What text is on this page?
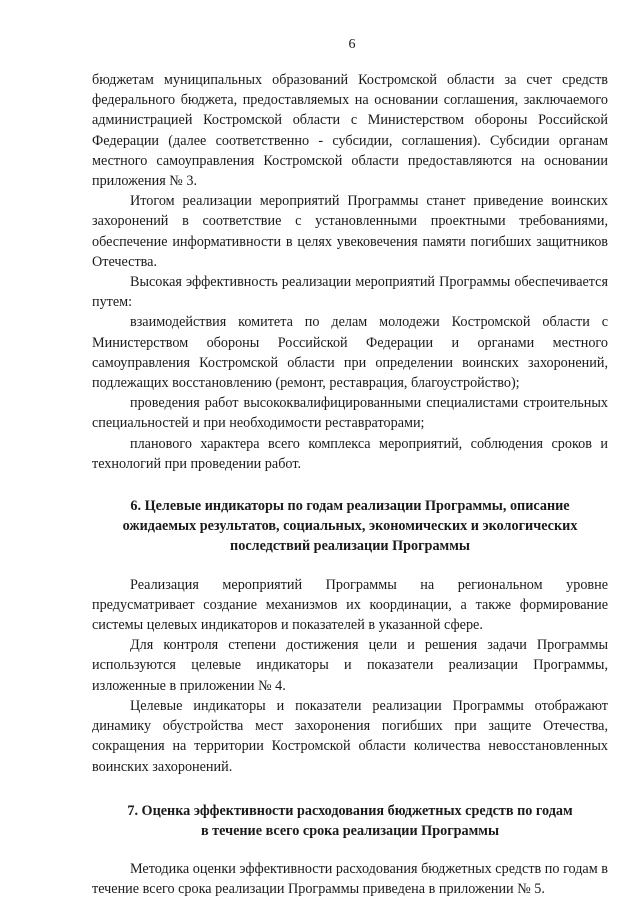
6

бюджетам муниципальных образований Костромской области за счет средств федерального бюджета, предоставляемых на основании соглашения, заключаемого администрацией Костромской области с Министерством обороны Российской Федерации (далее соответственно - субсидии, соглашения). Субсидии органам местного самоуправления Костромской области предоставляются на основании приложения № 3.

Итогом реализации мероприятий Программы станет приведение воинских захоронений в соответствие с установленными проектными требованиями, обеспечение информативности в целях увековечения памяти погибших защитников Отечества.

Высокая эффективность реализации мероприятий Программы обеспечивается путем:

взаимодействия комитета по делам молодежи Костромской области с Министерством обороны Российской Федерации и органами местного самоуправления Костромской области при определении воинских захоронений, подлежащих восстановлению (ремонт, реставрация, благоустройство);

проведения работ высококвалифицированными специалистами строительных специальностей и при необходимости реставраторами;

планового характера всего комплекса мероприятий, соблюдения сроков и технологий при проведении работ.

6. Целевые индикаторы по годам реализации Программы, описание ожидаемых результатов, социальных, экономических и экологических последствий реализации Программы

Реализация мероприятий Программы на региональном уровне предусматривает создание механизмов их координации, а также формирование системы целевых индикаторов и показателей в указанной сфере.

Для контроля степени достижения цели и решения задачи Программы используются целевые индикаторы и показатели реализации Программы, изложенные в приложении № 4.

Целевые индикаторы и показатели реализации Программы отображают динамику обустройства мест захоронения погибших при защите Отечества, сокращения на территории Костромской области количества невосстановленных воинских захоронений.

7. Оценка эффективности расходования бюджетных средств по годам в течение всего срока реализации Программы

Методика оценки эффективности расходования бюджетных средств по годам в течение всего срока реализации Программы приведена в приложении № 5.
